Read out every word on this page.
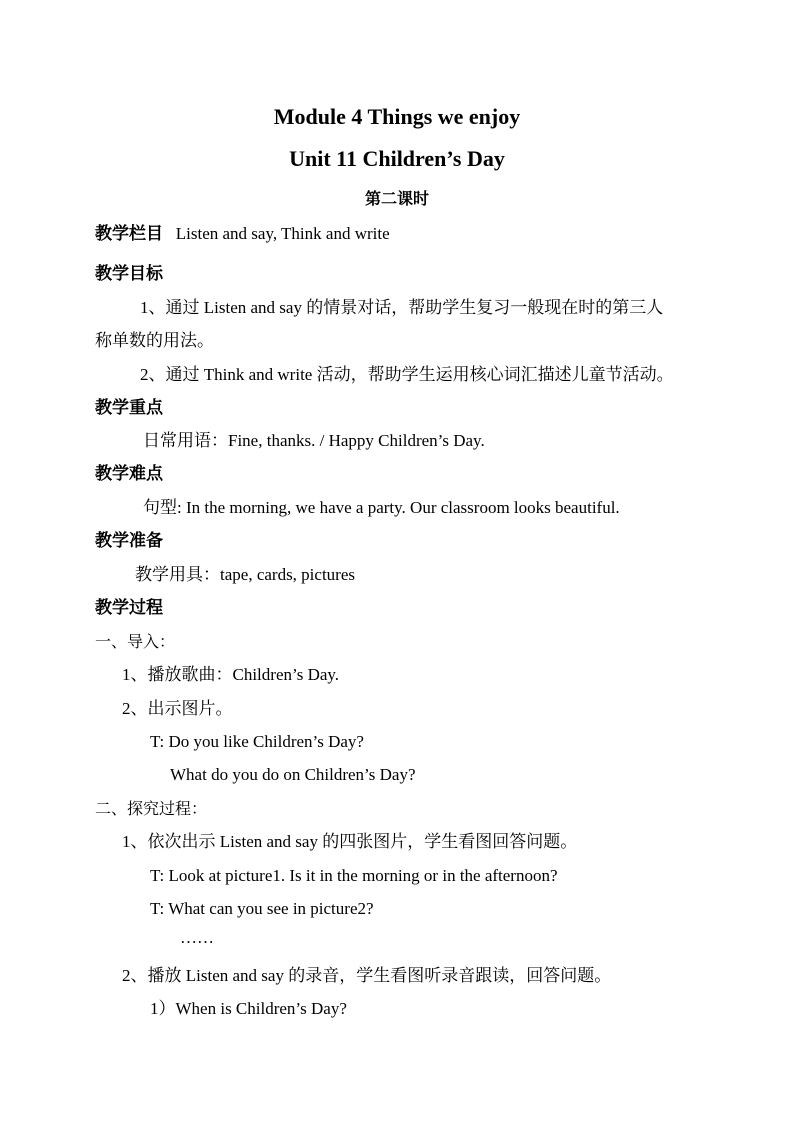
Module 4 Things we enjoy
Unit 11 Children’s Day
第二课时
教学栏目 Listen and say, Think and write
教学目标
1、通过 Listen and say 的情景对话，帮助学生复习一般现在时的第三人
称单数的用法。
2、通过 Think and write 活动，帮助学生运用核心词汇描述儿童节活动。
教学重点
日常用语：Fine, thanks. / Happy Children’s Day.
教学难点
句型: In the morning, we have a party. Our classroom looks beautiful.
教学准备
教学用具：tape, cards, pictures
教学过程
一、导入：
1、播放歌曲：Children’s Day.
2、出示图片。
T: Do you like Children’s Day?
What do you do on Children’s Day?
二、探究过程：
1、依次出示 Listen and say 的四张图片，学生看图回答问题。
T: Look at picture1. Is it in the morning or in the afternoon?
T: What can you see in picture2?
……
2、播放 Listen and say 的录音，学生看图听录音跟读，回答问题。
1）When is Children’s Day?
